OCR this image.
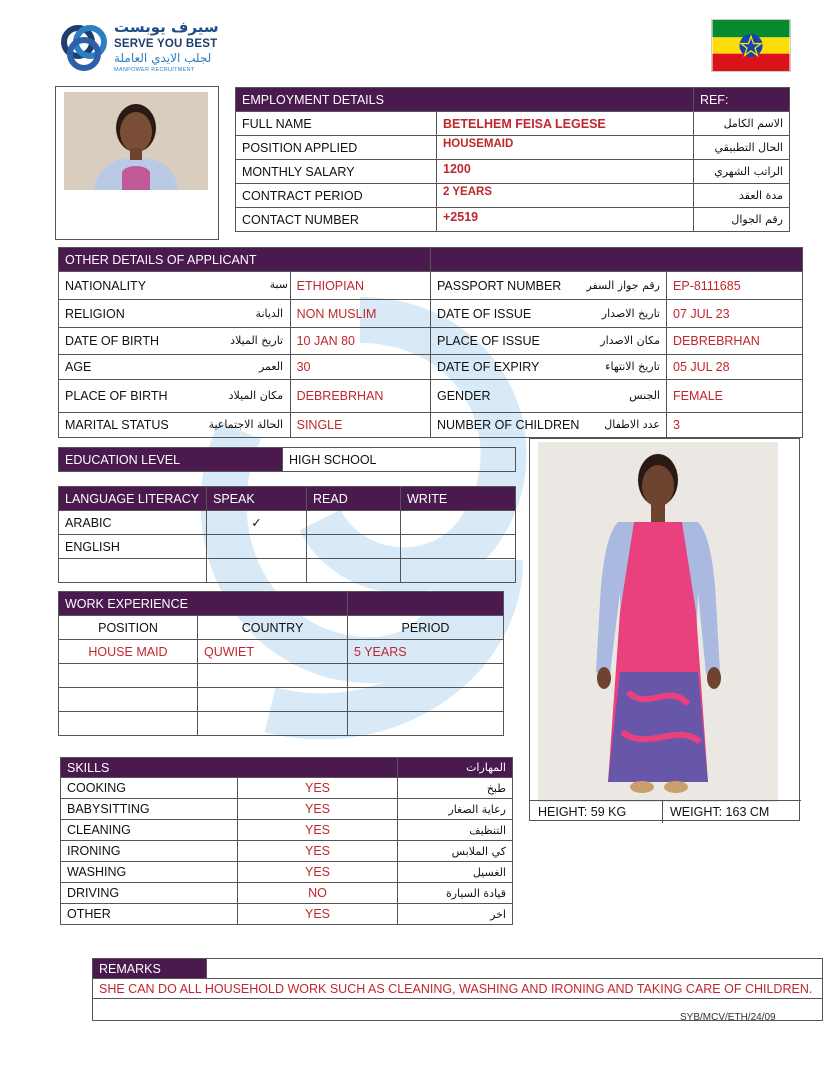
سيرف يوبست
SERVE YOU BEST
لجلب الايدي العاملة
MANPOWER RECRUITMENT
EMPLOYMENT DETAILS		REF:
FULL NAME	BETELHEM FEISA LEGESE	الاسم الكامل
POSITION APPLIED	HOUSEMAID	الحال التطبيقي
MONTHLY SALARY	1200	الراتب الشهري
CONTRACT PERIOD	2 YEARS	مدة العقد
CONTACT NUMBER	+2519	رقم الجوال
OTHER DETAILS OF APPLICANT			
NATIONALITY		ETHIOPIAN	PASSPORT NUMBER رقم جواز السفر	EP-8111685
RELIGION الديانة		NON MUSLIM	DATE OF ISSUE تاريخ الاصدار	07 JUL 23
DATE OF BIRTH تاريخ الميلاد		10 JAN 80	PLACE OF ISSUE مكان الاصدار	DEBREBRHAN
AGE العمر		30	DATE OF EXPIRY تاريخ الانتهاء	05 JUL 28
PLACE OF BIRTH مكان الميلاد		DEBREBRHAN	GENDER الجنس	FEMALE
MARITAL STATUS الحالة الاجتماعية		SINGLE	NUMBER OF CHILDREN عدد الاطفال	3
سبة
EDUCATION LEVEL	HIGH SCHOOL
LANGUAGE LITERACY	SPEAK	READ	WRITE
ARABIC	✓		
ENGLISH			

WORK EXPERIENCE		
POSITION	COUNTRY	PERIOD
HOUSE MAID	QUWIET	5 YEARS

SKILLS		المهارات
COOKING	YES	طبخ
BABYSITTING	YES	رعاية الصغار
CLEANING	YES	التنظيف
IRONING	YES	كي الملابس
WASHING	YES	الغسيل
DRIVING	NO	قيادة السيارة
OTHER	YES	اخر
HEIGHT: 59 KG	WEIGHT: 163 CM
REMARKS	
SHE CAN DO ALL HOUSEHOLD WORK SUCH AS CLEANING, WASHING AND IRONING AND TAKING CARE OF CHILDREN.

SYB/MCV/ETH/24/09
